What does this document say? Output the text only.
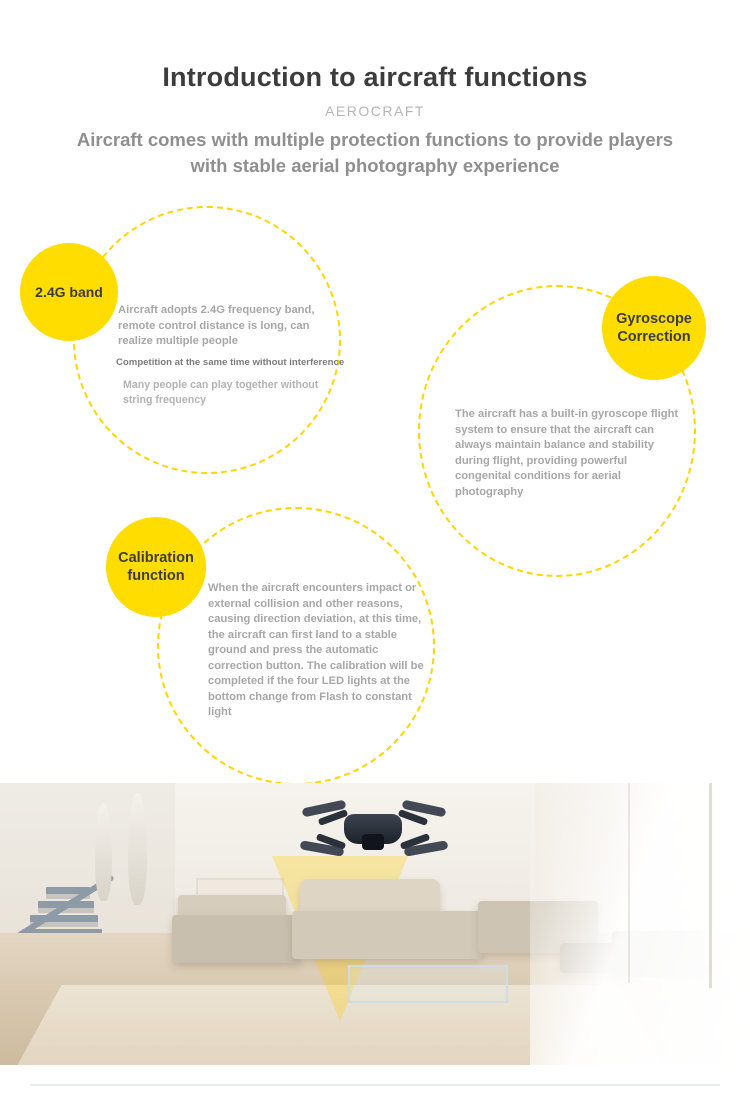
Introduction to aircraft functions
AEROCRAFT
Aircraft comes with multiple protection functions to provide players with stable aerial photography experience
2.4G band
Aircraft adopts 2.4G frequency band, remote control distance is long, can realize multiple people
Competition at the same time without interference
Many people can play together without string frequency
Gyroscope Correction
The aircraft has a built-in gyroscope flight system to ensure that the aircraft can always maintain balance and stability during flight, providing powerful congenital conditions for aerial photography
Calibration function
When the aircraft encounters impact or external collision and other reasons, causing direction deviation, at this time, the aircraft can first land to a stable ground and press the automatic correction button. The calibration will be completed if the four LED lights at the bottom change from Flash to constant light
